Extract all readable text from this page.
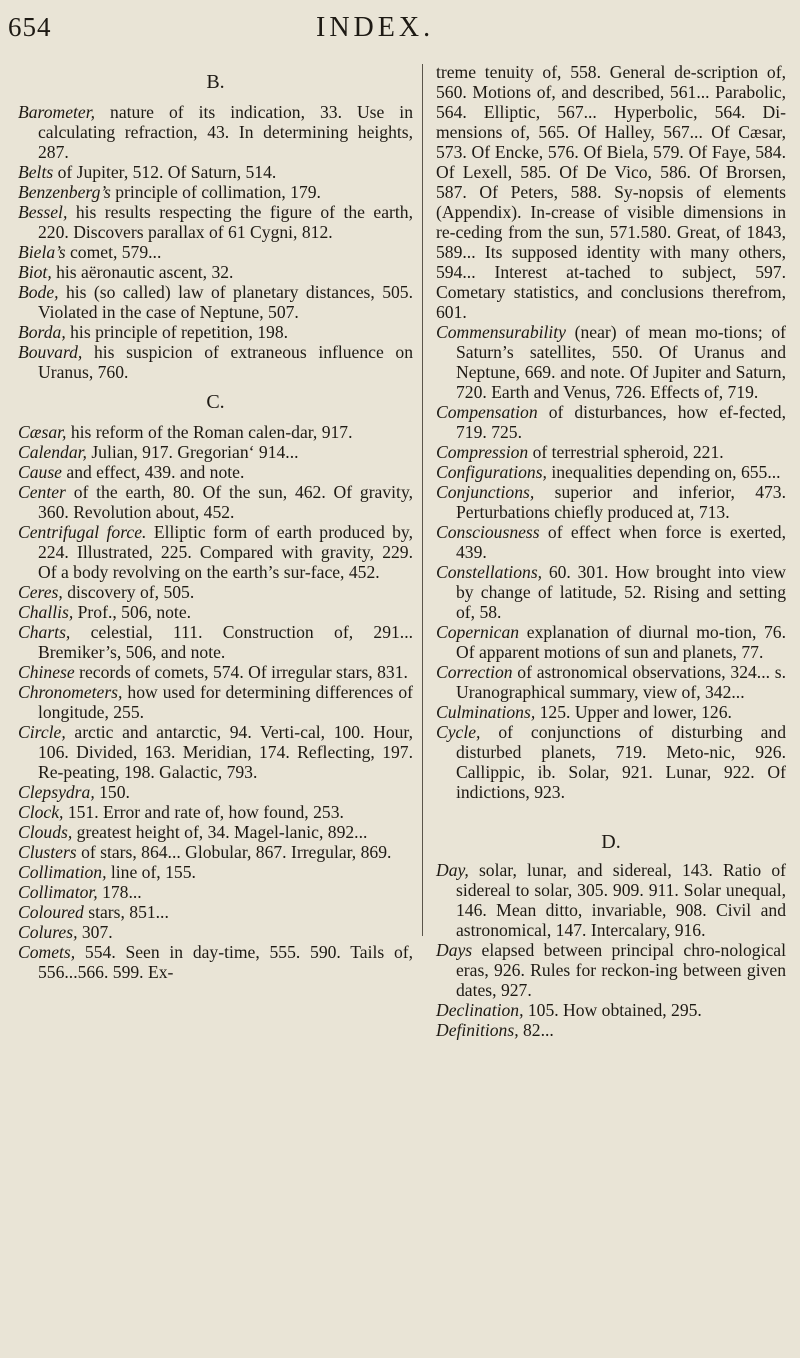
654	INDEX.
B.

Barometer, nature of its indication, 33. Use in calculating refraction, 43. In determining heights, 287.

Belts of Jupiter, 512. Of Saturn, 514.

Benzenberg’s principle of collimation, 179.

Bessel, his results respecting the figure of the earth, 220. Discovers parallax of 61 Cygni, 812.

Biela’s comet, 579...

Biot, his aëronautic ascent, 32.

Bode, his (so called) law of planetary distances, 505. Violated in the case of Neptune, 507.

Borda, his principle of repetition, 198.

Bouvard, his suspicion of extraneous influence on Uranus, 760.

C.

Cæsar, his reform of the Roman calen-dar, 917.

Calendar, Julian, 917. Gregorian‘ 914...

Cause and effect, 439. and note.

Center of the earth, 80. Of the sun, 462. Of gravity, 360. Revolution about, 452.

Centrifugal force. Elliptic form of earth produced by, 224. Illustrated, 225. Compared with gravity, 229. Of a body revolving on the earth’s sur-face, 452.

Ceres, discovery of, 505.

Challis, Prof., 506, note.

Charts, celestial, 111. Construction of, 291... Bremiker’s, 506, and note.

Chinese records of comets, 574. Of irregular stars, 831.

Chronometers, how used for determining differences of longitude, 255.

Circle, arctic and antarctic, 94. Verti-cal, 100. Hour, 106. Divided, 163. Meridian, 174. Reflecting, 197. Re-peating, 198. Galactic, 793.

Clepsydra, 150.

Clock, 151. Error and rate of, how found, 253.

Clouds, greatest height of, 34. Magel-lanic, 892...

Clusters of stars, 864... Globular, 867. Irregular, 869.

Collimation, line of, 155.

Collimator, 178...

Coloured stars, 851...

Colures, 307.

Comets, 554. Seen in day-time, 555. 590. Tails of, 556...566. 599. Ex-

treme tenuity of, 558. General de-scription of, 560. Motions of, and described, 561... Parabolic, 564. Elliptic, 567... Hyperbolic, 564. Di-mensions of, 565. Of Halley, 567... Of Cæsar, 573. Of Encke, 576. Of Biela, 579. Of Faye, 584. Of Lexell, 585. Of De Vico, 586. Of Brorsen, 587. Of Peters, 588. Sy-nopsis of elements (Appendix). In-crease of visible dimensions in re-ceding from the sun, 571.580. Great, of 1843, 589... Its supposed identity with many others, 594... Interest at-tached to subject, 597. Cometary statistics, and conclusions therefrom, 601.

Commensurability (near) of mean mo-tions; of Saturn’s satellites, 550. Of Uranus and Neptune, 669. and note. Of Jupiter and Saturn, 720. Earth and Venus, 726. Effects of, 719.

Compensation of disturbances, how ef-fected, 719. 725.

Compression of terrestrial spheroid, 221.

Configurations, inequalities depending on, 655...

Conjunctions, superior and inferior, 473. Perturbations chiefly produced at, 713.

Consciousness of effect when force is exerted, 439.

Constellations, 60. 301. How brought into view by change of latitude, 52. Rising and setting of, 58.

Copernican explanation of diurnal mo-tion, 76. Of apparent motions of sun and planets, 77.

Correction of astronomical observations, 324... s. Uranographical summary, view of, 342...

Culminations, 125. Upper and lower, 126.

Cycle, of conjunctions of disturbing and disturbed planets, 719. Meto-nic, 926. Callippic, ib. Solar, 921. Lunar, 922. Of indictions, 923.

D.

Day, solar, lunar, and sidereal, 143. Ratio of sidereal to solar, 305. 909. 911. Solar unequal, 146. Mean ditto, invariable, 908. Civil and astronomical, 147. Intercalary, 916.

Days elapsed between principal chro-nological eras, 926. Rules for reckon-ing between given dates, 927.

Declination, 105. How obtained, 295.

Definitions, 82...
